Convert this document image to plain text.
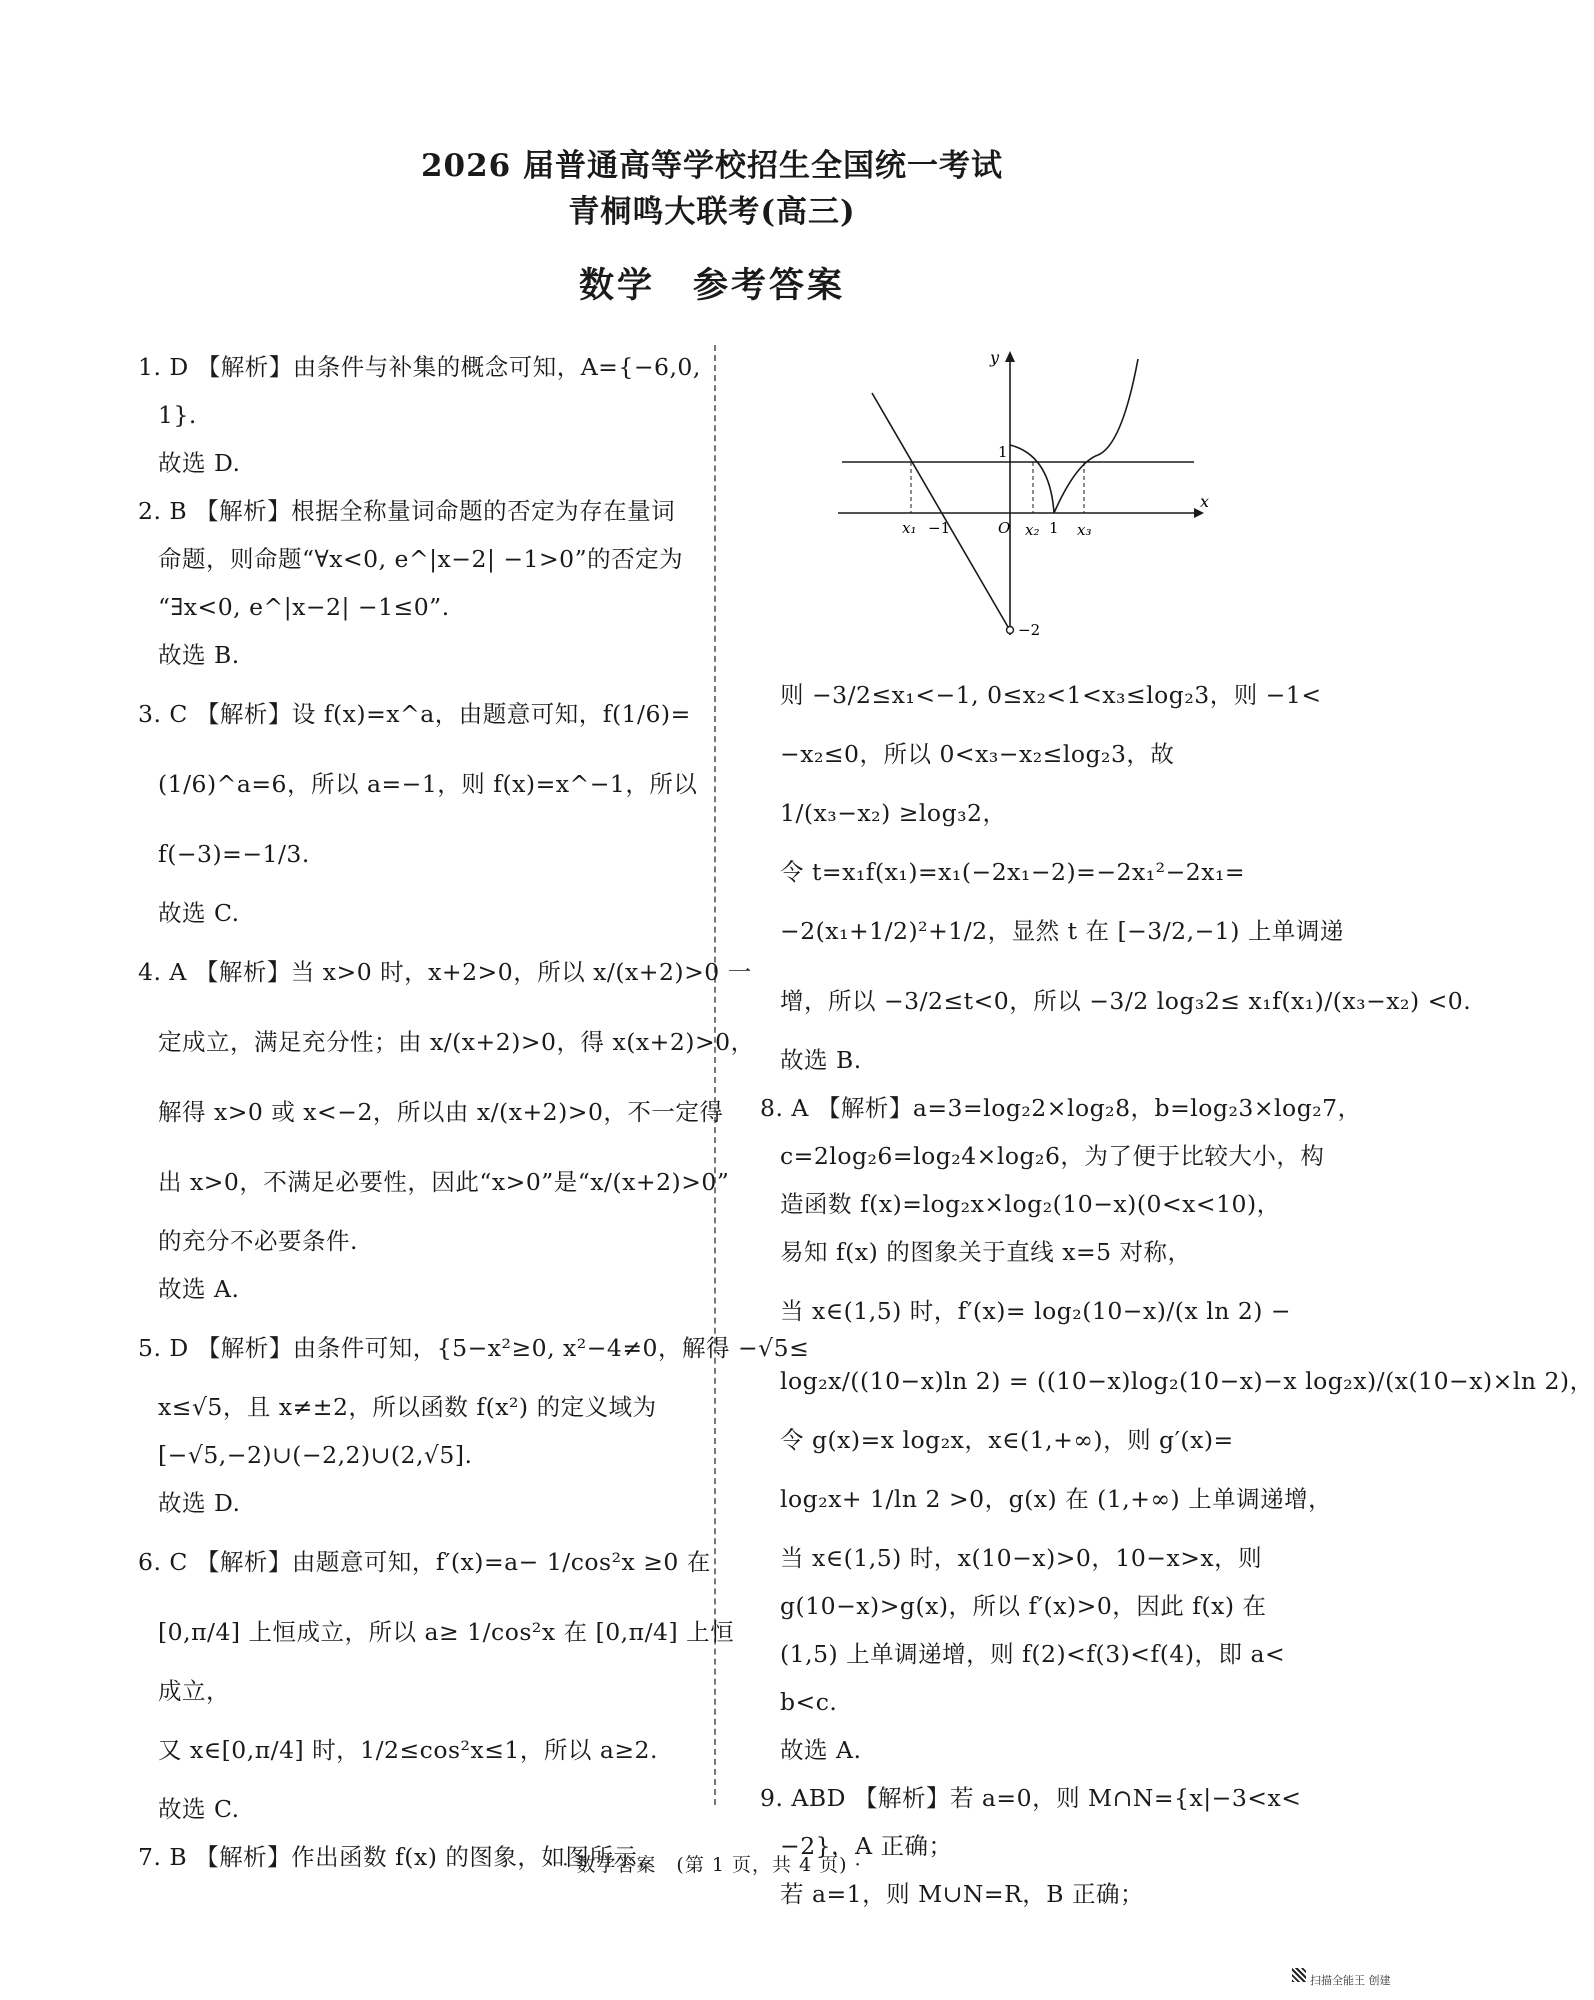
2026 届普通高等学校招生全国统一考试
青桐鸣大联考(高三)
数学　参考答案
1. D 【解析】由条件与补集的概念可知，A={−6,0,
1}.
故选 D.
2. B 【解析】根据全称量词命题的否定为存在量词
命题，则命题“∀x<0, e^|x−2| −1>0”的否定为
“∃x<0, e^|x−2| −1≤0”.
故选 B.
3. C 【解析】设 f(x)=x^a，由题意可知，f(1/6)=
(1/6)^a=6，所以 a=−1，则 f(x)=x^−1，所以
f(−3)=−1/3.
故选 C.
4. A 【解析】当 x>0 时，x+2>0，所以 x/(x+2)>0 一
定成立，满足充分性；由 x/(x+2)>0，得 x(x+2)>0，
解得 x>0 或 x<−2，所以由 x/(x+2)>0，不一定得
出 x>0，不满足必要性，因此“x>0”是“x/(x+2)>0”
的充分不必要条件.
故选 A.
5. D 【解析】由条件可知，{5−x²≥0, x²−4≠0，解得 −√5≤
x≤√5，且 x≠±2，所以函数 f(x²) 的定义域为
[−√5,−2)∪(−2,2)∪(2,√5].
故选 D.
6. C 【解析】由题意可知，f′(x)=a− 1/cos²x ≥0 在
[0,π/4] 上恒成立，所以 a≥ 1/cos²x 在 [0,π/4] 上恒
成立，
又 x∈[0,π/4] 时，1/2≤cos²x≤1，所以 a≥2.
故选 C.
7. B 【解析】作出函数 f(x) 的图象，如图所示，
y
x
O
1
−2
x₁ −1	x₂ 1 x₃
则 −3/2≤x₁<−1, 0≤x₂<1<x₃≤log₂3，则 −1<
−x₂≤0，所以 0<x₃−x₂≤log₂3，故
1/(x₃−x₂) ≥log₃2，
令 t=x₁f(x₁)=x₁(−2x₁−2)=−2x₁²−2x₁=
−2(x₁+1/2)²+1/2，显然 t 在 [−3/2,−1) 上单调递
增，所以 −3/2≤t<0，所以 −3/2 log₃2≤ x₁f(x₁)/(x₃−x₂) <0.
故选 B.
8. A 【解析】a=3=log₂2×log₂8，b=log₂3×log₂7，
c=2log₂6=log₂4×log₂6，为了便于比较大小，构
造函数 f(x)=log₂x×log₂(10−x)(0<x<10)，
易知 f(x) 的图象关于直线 x=5 对称，
当 x∈(1,5) 时，f′(x)= log₂(10−x)/(x ln 2) −
log₂x/((10−x)ln 2) = ((10−x)log₂(10−x)−x log₂x)/(x(10−x)×ln 2)，
令 g(x)=x log₂x，x∈(1,+∞)，则 g′(x)=
log₂x+ 1/ln 2 >0，g(x) 在 (1,+∞) 上单调递增，
当 x∈(1,5) 时，x(10−x)>0，10−x>x，则
g(10−x)>g(x)，所以 f′(x)>0，因此 f(x) 在
(1,5) 上单调递增，则 f(2)<f(3)<f(4)，即 a<
b<c.
故选 A.
9. ABD 【解析】若 a=0，则 M∩N={x|−3<x<
−2}，A 正确；
若 a=1，则 M∪N=R，B 正确；
· 数学答案　(第 1 页，共 4 页) ·
扫描全能王 创建
